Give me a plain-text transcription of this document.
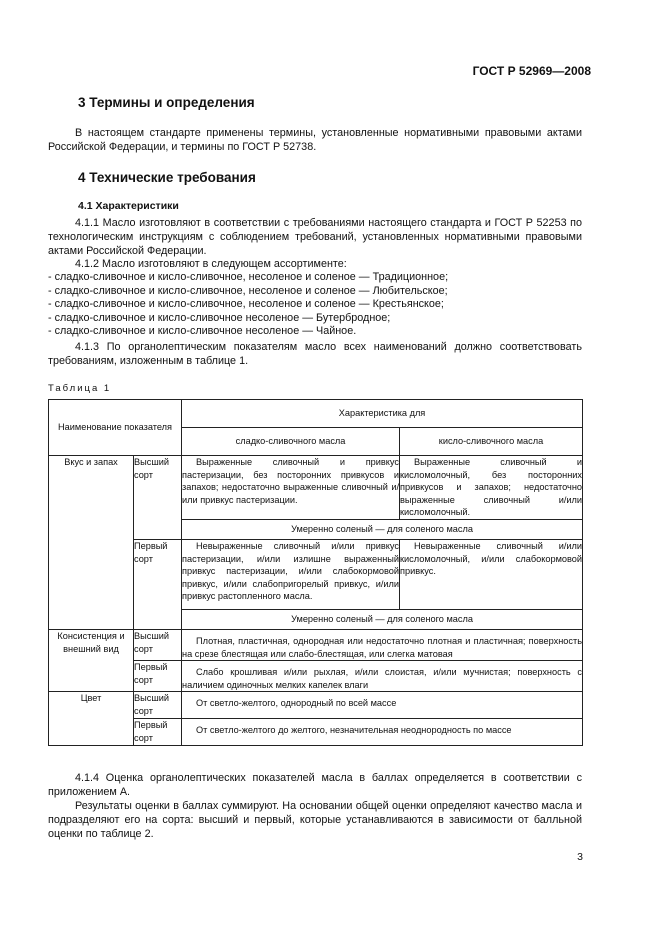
ГОСТ Р 52969—2008
3 Термины и определения
В настоящем стандарте применены термины, установленные нормативными правовыми актами Российской Федерации, и термины по ГОСТ Р 52738.
4 Технические требования
4.1 Характеристики
4.1.1 Масло изготовляют в соответствии с требованиями настоящего стандарта и ГОСТ Р 52253 по технологическим инструкциям с соблюдением требований, установленных нормативными правовыми актами Российской Федерации.
4.1.2 Масло изготовляют в следующем ассортименте:
- сладко-сливочное и кисло-сливочное, несоленое и соленое — Традиционное;
- сладко-сливочное и кисло-сливочное, несоленое и соленое — Любительское;
- сладко-сливочное и кисло-сливочное, несоленое и соленое — Крестьянское;
- сладко-сливочное и кисло-сливочное несоленое — Бутербродное;
- сладко-сливочное и кисло-сливочное несоленое — Чайное.
4.1.3 По органолептическим показателям масло всех наименований должно соответствовать требованиям, изложенным в таблице 1.
Таблица 1
Наименование показателя		Характеристика для	
		сладко-сливочного масла	кисло-сливочного масла
Вкус и запах	Высший сорт	Выраженные сливочный и привкус пастеризации, без посторонних привкусов и запахов; недостаточно выраженные сливочный и/или привкус пастеризации.	Выраженные сливочный и кисломолочный, без посторонних привкусов и запахов; недостаточно выраженные сливочный и/или кисломолочный.
		Умеренно соленый — для соленого масла	
	Первый сорт	Невыраженные сливочный и/или привкус пастеризации, и/или излишне выраженный привкус пастеризации, и/или слабокормовой привкус, и/или слабопригорелый привкус, и/или привкус растопленного масла.	Невыраженные сливочный и/или кисломолочный, и/или слабокормовой привкус.
		Умеренно соленый — для соленого масла	
Консистенция и внешний вид	Высший сорт	Плотная, пластичная, однородная или недостаточно плотная и пластичная; поверхность на срезе блестящая или слабо-блестящая, или слегка матовая	
	Первый сорт	Слабо крошливая и/или рыхлая, и/или слоистая, и/или мучнистая; поверхность с наличием одиночных мелких капелек влаги	
Цвет	Высший сорт	От светло-желтого, однородный по всей массе	
	Первый сорт	От светло-желтого до желтого, незначительная неоднородность по массе	
4.1.4 Оценка органолептических показателей масла в баллах определяется в соответствии с приложением А.
Результаты оценки в баллах суммируют. На основании общей оценки определяют качество масла и подразделяют его на сорта: высший и первый, которые устанавливаются в зависимости от балльной оценки по таблице 2.
3
